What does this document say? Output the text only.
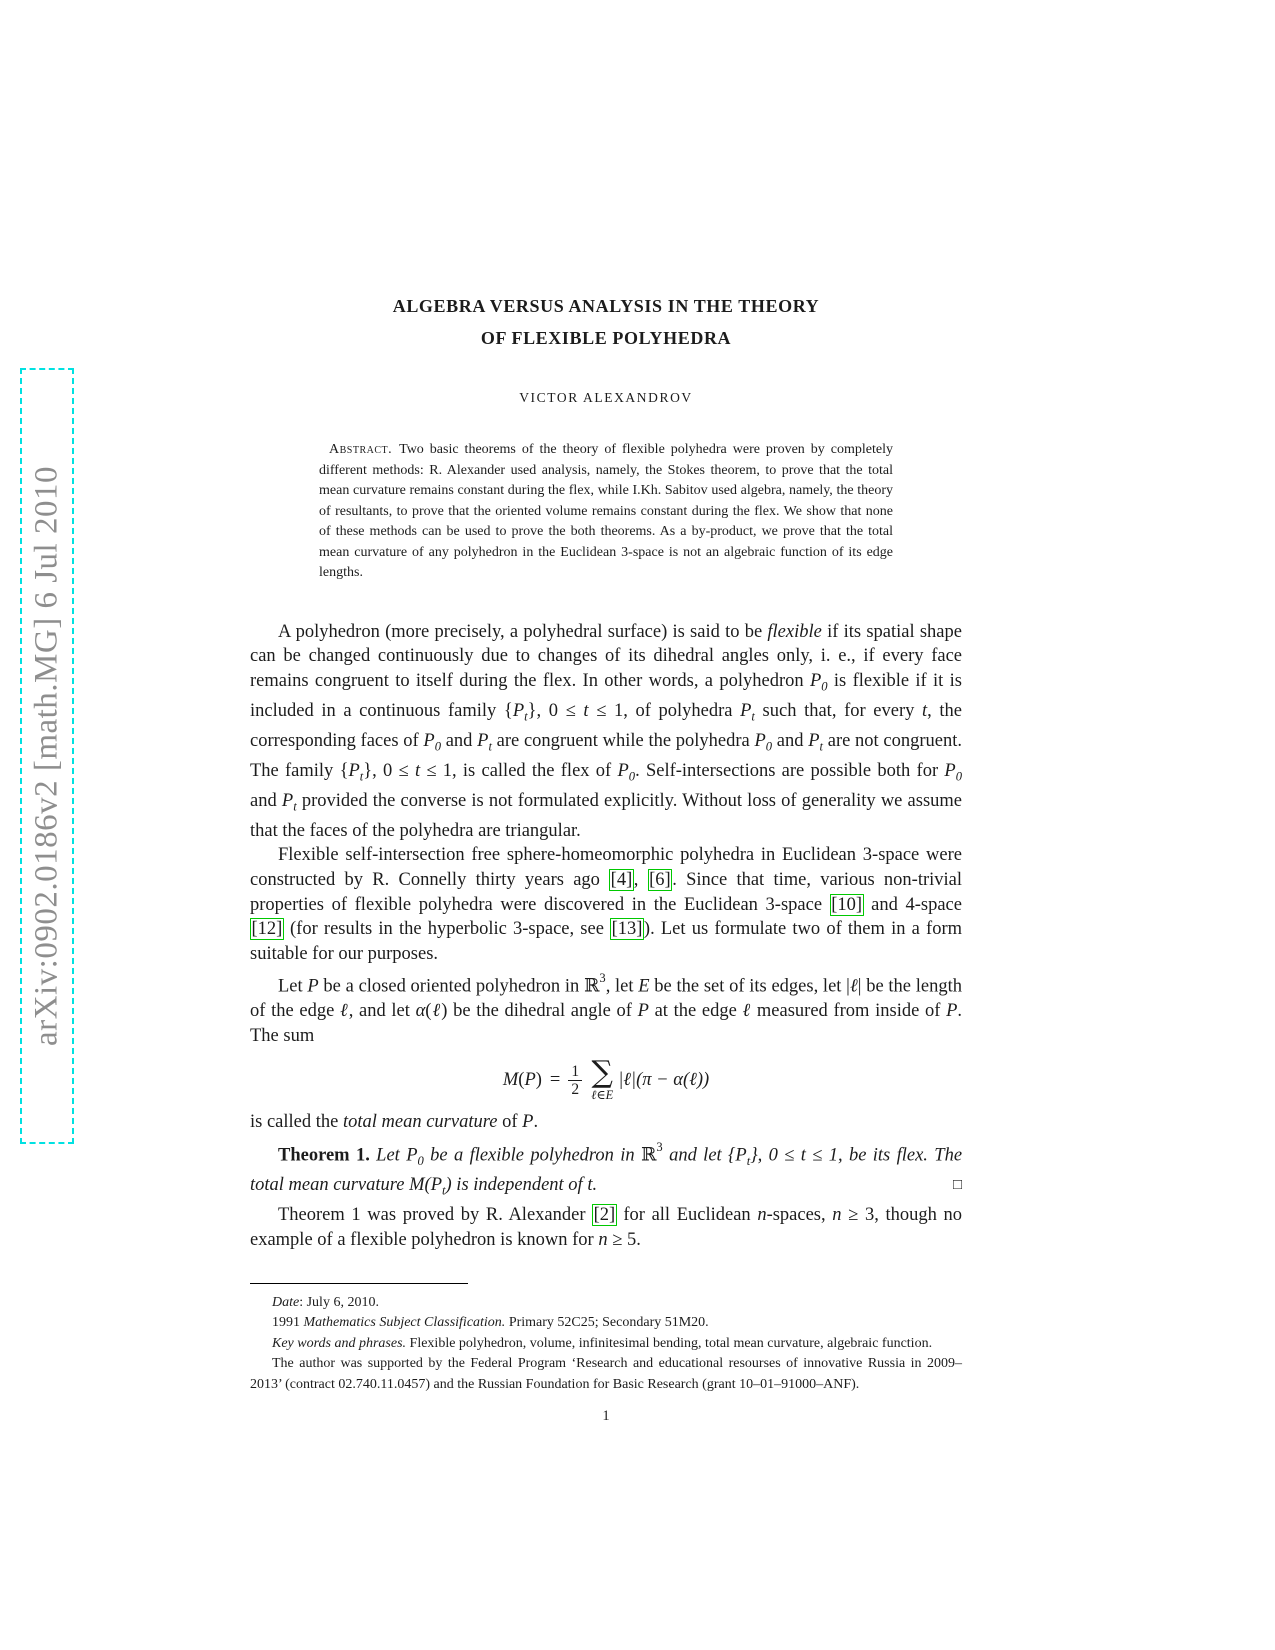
arXiv:0902.0186v2 [math.MG] 6 Jul 2010
ALGEBRA VERSUS ANALYSIS IN THE THEORY
OF FLEXIBLE POLYHEDRA
VICTOR ALEXANDROV
Abstract. Two basic theorems of the theory of flexible polyhedra were proven by completely different methods: R. Alexander used analysis, namely, the Stokes theorem, to prove that the total mean curvature remains constant during the flex, while I.Kh. Sabitov used algebra, namely, the theory of resultants, to prove that the oriented volume remains constant during the flex. We show that none of these methods can be used to prove the both theorems. As a by-product, we prove that the total mean curvature of any polyhedron in the Euclidean 3-space is not an algebraic function of its edge lengths.

A polyhedron (more precisely, a polyhedral surface) is said to be flexible if its spatial shape can be changed continuously due to changes of its dihedral angles only, i. e., if every face remains congruent to itself during the flex. In other words, a polyhedron $P_0$ is flexible if it is included in a continuous family $\{P_t\}$, 0 ≤ t ≤ 1, of polyhedra $P_t$ such that, for every t, the corresponding faces of $P_0$ and $P_t$ are congruent while the polyhedra $P_0$ and $P_t$ are not congruent. The family $\{P_t\}$, 0 ≤ t ≤ 1, is called the flex of $P_0$. Self-intersections are possible both for $P_0$ and $P_t$ provided the converse is not formulated explicitly. Without loss of generality we assume that the faces of the polyhedra are triangular.

Flexible self-intersection free sphere-homeomorphic polyhedra in Euclidean 3-space were constructed by R. Connelly thirty years ago [4], [6]. Since that time, various non-trivial properties of flexible polyhedra were discovered in the Euclidean 3-space [10] and 4-space [12] (for results in the hyperbolic 3-space, see [13]). Let us formulate two of them in a form suitable for our purposes.

Let P be a closed oriented polyhedron in ℝ$^3$, let E be the set of its edges, let |ℓ| be the length of the edge ℓ, and let α(ℓ) be the dihedral angle of P at the edge ℓ measured from inside of P. The sum

$M(P) = \frac{1}{2}$ ∑
ℓ∈E
|ℓ|(π − α(ℓ))

is called the total mean curvature of P.

Theorem 1. Let $P_0$ be a flexible polyhedron in ℝ$^3$ and let $\{P_t\}$, 0 ≤ t ≤ 1, be its flex. The total mean curvature $M(P_t)$ is independent of t.	□

Theorem 1 was proved by R. Alexander [2] for all Euclidean n-spaces, n ≥ 3, though no example of a flexible polyhedron is known for n ≥ 5.

Date: July 6, 2010.

1991 Mathematics Subject Classification. Primary 52C25; Secondary 51M20.

Key words and phrases. Flexible polyhedron, volume, infinitesimal bending, total mean curvature, algebraic function.

The author was supported by the Federal Program ‘Research and educational resourses of innovative Russia in 2009–2013’ (contract 02.740.11.0457) and the Russian Foundation for Basic Research (grant 10–01–91000–ANF).

1
